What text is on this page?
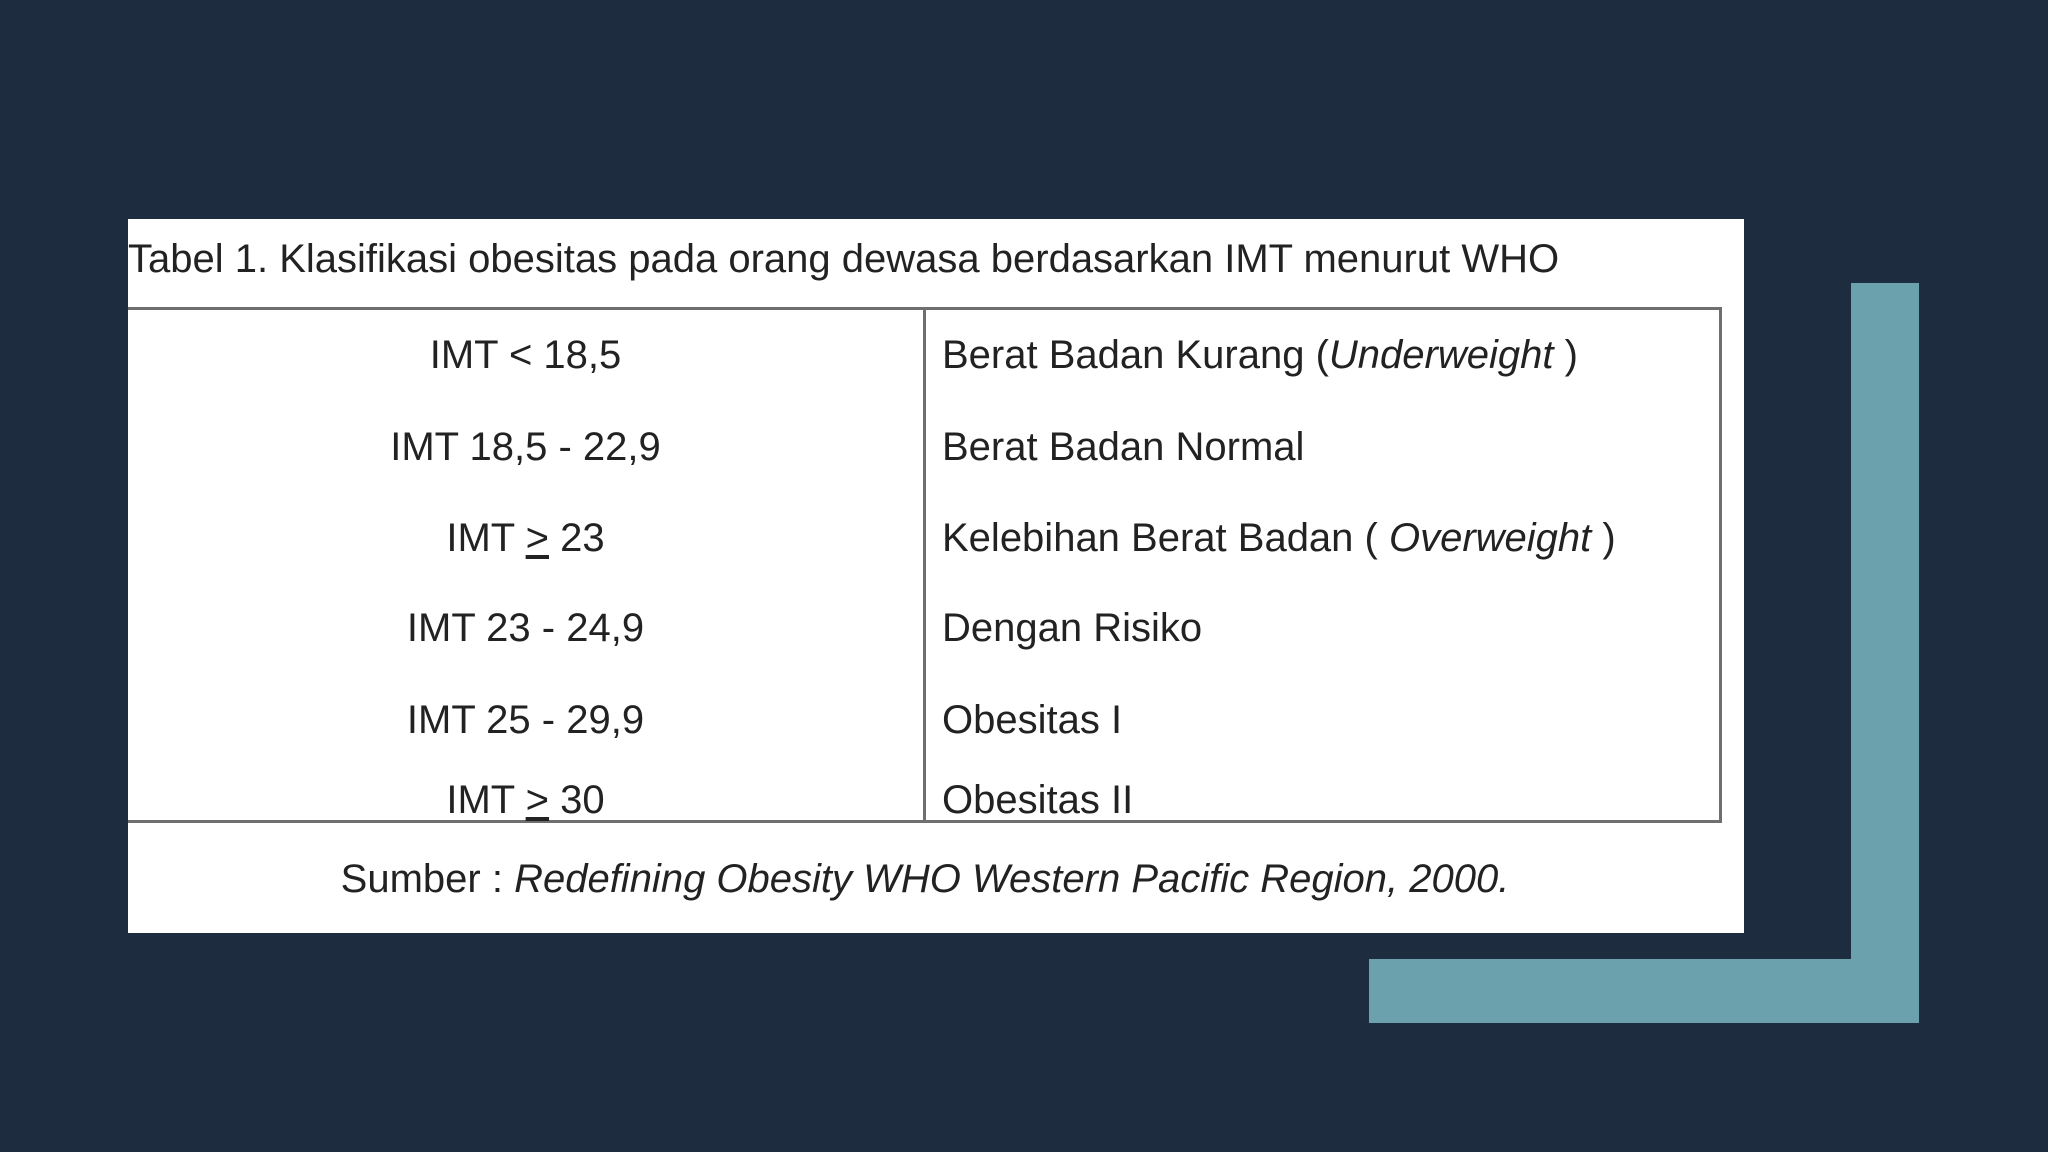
Tabel 1. Klasifikasi obesitas pada orang dewasa berdasarkan IMT menurut WHO
IMT < 18,5	Berat Badan Kurang (Underweight )
IMT 18,5 - 22,9	Berat Badan Normal
IMT ≥ 23	Kelebihan Berat Badan ( Overweight )
IMT 23 - 24,9	Dengan Risiko
IMT 25 - 29,9	Obesitas I
IMT ≥ 30	Obesitas II
Sumber : Redefining Obesity WHO Western Pacific Region, 2000.
